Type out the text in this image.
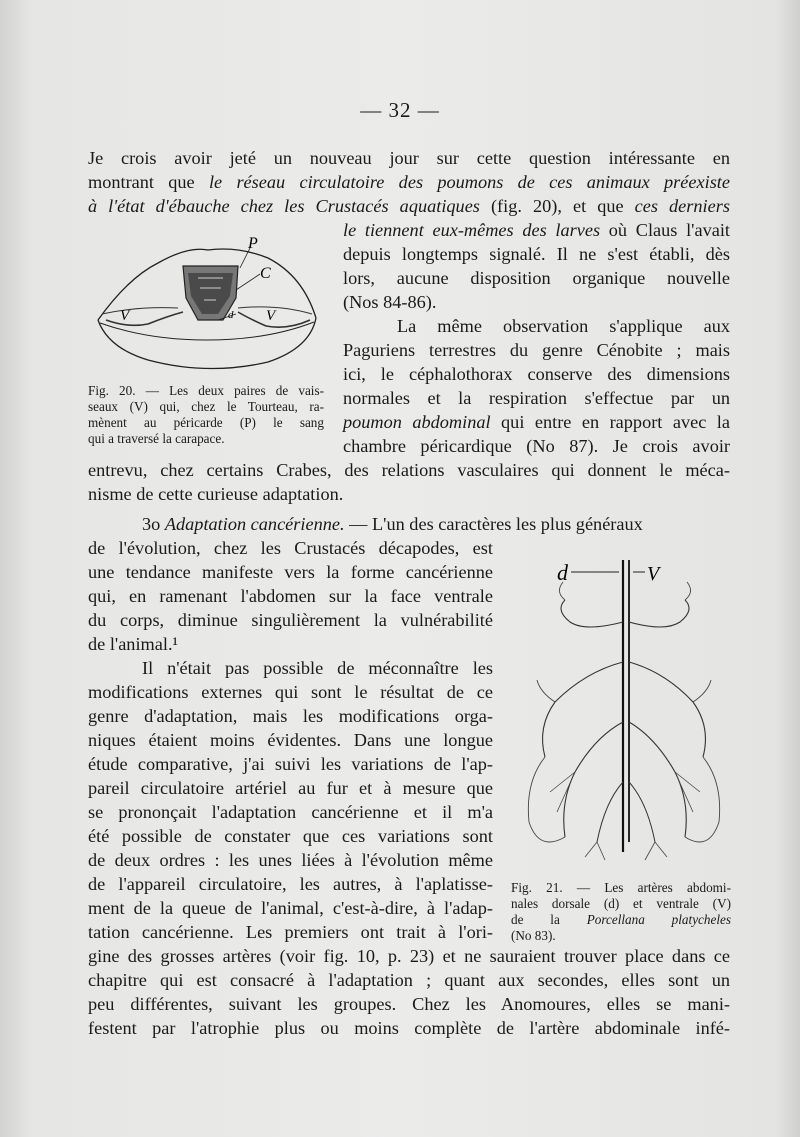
— 32 —
Je crois avoir jeté un nouveau jour sur cette question intéressante en
montrant que le réseau circulatoire des poumons de ces animaux préexiste
à l'état d'ébauche chez les Crustacés aquatiques (fig. 20), et que ces derniers
P
C
V	V
d
Fig. 20. — Les deux paires de vais-
seaux (V) qui, chez le Tourteau, ra-
mènent au péricarde (P) le sang
qui a traversé la carapace.
le tiennent eux-mêmes des larves où Claus l'avait
depuis longtemps signalé. Il ne s'est établi, dès
lors, aucune disposition organique nouvelle
(Nos 84-86).
La même observation s'applique aux
Paguriens terrestres du genre Cénobite ; mais
ici, le céphalothorax conserve des dimensions
normales et la respiration s'effectue par un
poumon abdominal qui entre en rapport avec la
chambre péricardique (No 87). Je crois avoir
entrevu, chez certains Crabes, des relations vasculaires qui donnent le méca-
nisme de cette curieuse adaptation.
3o Adaptation cancérienne. — L'un des caractères les plus généraux
de l'évolution, chez les Crustacés décapodes, est
une tendance manifeste vers la forme cancérienne
qui, en ramenant l'abdomen sur la face ventrale
du corps, diminue singulièrement la vulnérabilité
de l'animal.¹
Il n'était pas possible de méconnaître les
modifications externes qui sont le résultat de ce
genre d'adaptation, mais les modifications orga-
niques étaient moins évidentes. Dans une longue
étude comparative, j'ai suivi les variations de l'ap-
pareil circulatoire artériel au fur et à mesure que
se prononçait l'adaptation cancérienne et il m'a
été possible de constater que ces variations sont
de deux ordres : les unes liées à l'évolution même
de l'appareil circulatoire, les autres, à l'aplatisse-
ment de la queue de l'animal, c'est-à-dire, à l'adap-
tation cancérienne. Les premiers ont trait à l'ori-
d	V
Fig. 21. — Les artères abdomi-
nales dorsale (d) et ventrale (V)
de la Porcellana platycheles
(No 83).
gine des grosses artères (voir fig. 10, p. 23) et ne sauraient trouver place dans ce
chapitre qui est consacré à l'adaptation ; quant aux secondes, elles sont un
peu différentes, suivant les groupes. Chez les Anomoures, elles se mani-
festent par l'atrophie plus ou moins complète de l'artère abdominale infé-
